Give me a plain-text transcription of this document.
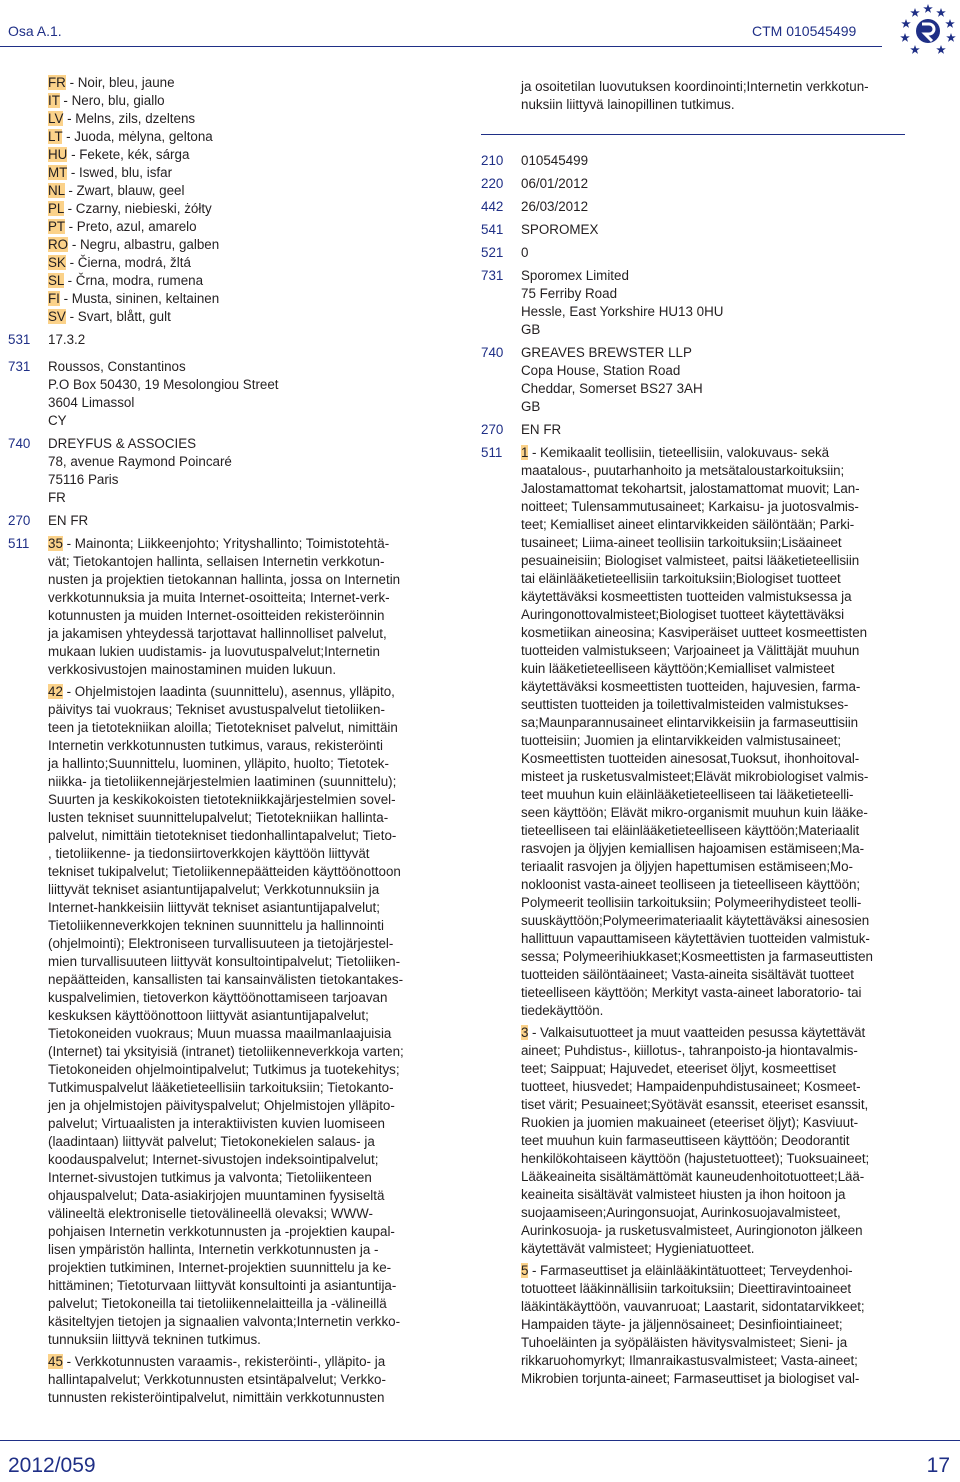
Osa A.1.	CTM 010545499
FR - Noir, bleu, jaune
IT - Nero, blu, giallo
LV - Melns, zils, dzeltens
LT - Juoda, mėlyna, geltona
HU - Fekete, kék, sárga
MT - Iswed, blu, isfar
NL - Zwart, blauw, geel
PL - Czarny, niebieski, żółty
PT - Preto, azul, amarelo
RO - Negru, albastru, galben
SK - Čierna, modrá, žltá
SL - Črna, modra, rumena
FI - Musta, sininen, keltainen
SV - Svart, blått, gult
531	17.3.2
731	Roussos, Constantinos
P.O Box 50430, 19 Mesolongiou Street
3604 Limassol
CY
740	DREYFUS & ASSOCIES
78, avenue Raymond Poincaré
75116 Paris
FR
270	EN FR
511	35 - Mainonta; Liikkeenjohto; Yrityshallinto; Toimistotehtä-
vät; Tietokantojen hallinta, sellaisen Internetin verkkotun-
nusten ja projektien tietokannan hallinta, jossa on Internetin
verkkotunnuksia ja muita Internet-osoitteita; Internet-verk-
kotunnusten ja muiden Internet-osoitteiden rekisteröinnin
ja jakamisen yhteydessä tarjottavat hallinnolliset palvelut,
mukaan lukien uudistamis- ja luovutuspalvelut;Internetin
verkkosivustojen mainostaminen muiden lukuun.
42 - Ohjelmistojen laadinta (suunnittelu), asennus, ylläpito,
päivitys tai vuokraus; Tekniset avustuspalvelut tietoliiken-
teen ja tietotekniikan aloilla; Tietotekniset palvelut, nimittäin
Internetin verkkotunnusten tutkimus, varaus, rekisteröinti
ja hallinto;Suunnittelu, luominen, ylläpito, huolto; Tietotek-
niikka- ja tietoliikennejärjestelmien laatiminen (suunnittelu);
Suurten ja keskikokoisten tietotekniikkajärjestelmien sovel-
lusten tekniset suunnittelupalvelut; Tietotekniikan hallinta-
palvelut, nimittäin tietotekniset tiedonhallintapalvelut; Tieto-
, tietoliikenne- ja tiedonsiirtoverkkojen käyttöön liittyvät
tekniset tukipalvelut; Tietoliikennepäätteiden käyttöönottoon
liittyvät tekniset asiantuntijapalvelut; Verkkotunnuksiin ja
Internet-hankkeisiin liittyvät tekniset asiantuntijapalvelut;
Tietoliikenneverkkojen tekninen suunnittelu ja hallinnointi
(ohjelmointi); Elektroniseen turvallisuuteen ja tietojärjestel-
mien turvallisuuteen liittyvät konsultointipalvelut; Tietoliiken-
nepäätteiden, kansallisten tai kansainvälisten tietokantakes-
kuspalvelimien, tietoverkon käyttöönottamiseen tarjoavan
keskuksen käyttöönottoon liittyvät asiantuntijapalvelut;
Tietokoneiden vuokraus; Muun muassa maailmanlaajuisia
(Internet) tai yksityisiä (intranet) tietoliikenneverkkoja varten;
Tietokoneiden ohjelmointipalvelut; Tutkimus ja tuotekehitys;
Tutkimuspalvelut lääketieteellisiin tarkoituksiin; Tietokanto-
jen ja ohjelmistojen päivityspalvelut; Ohjelmistojen ylläpito-
palvelut; Virtuaalisten ja interaktiivisten kuvien luomiseen
(laadintaan) liittyvät palvelut; Tietokonekielen salaus- ja
koodauspalvelut; Internet-sivustojen indeksointipalvelut;
Internet-sivustojen tutkimus ja valvonta; Tietoliikenteen
ohjauspalvelut; Data-asiakirjojen muuntaminen fyysiseltä
välineeltä elektroniselle tietovälineellä olevaksi; WWW-
pohjaisen Internetin verkkotunnusten ja -projektien kaupal-
lisen ympäristön hallinta, Internetin verkkotunnusten ja -
projektien tutkiminen, Internet-projektien suunnittelu ja ke-
hittäminen; Tietoturvaan liittyvät konsultointi ja asiantuntija-
palvelut; Tietokoneilla tai tietoliikennelaitteilla ja -välineillä
käsiteltyjen tietojen ja signaalien valvonta;Internetin verkko-
tunnuksiin liittyvä tekninen tutkimus.
45 - Verkkotunnusten varaamis-, rekisteröinti-, ylläpito- ja
hallintapalvelut; Verkkotunnusten etsintäpalvelut; Verkko-
tunnusten rekisteröintipalvelut, nimittäin verkkotunnusten
ja osoitetilan luovutuksen koordinointi;Internetin verkkotun-
nuksiin liittyvä lainopillinen tutkimus.
210	010545499
220	06/01/2012
442	26/03/2012
541	SPOROMEX
521	0
731	Sporomex Limited
75 Ferriby Road
Hessle, East Yorkshire HU13 0HU
GB
740	GREAVES BREWSTER LLP
Copa House, Station Road
Cheddar, Somerset BS27 3AH
GB
270	EN FR
511	1 - Kemikaalit teollisiin, tieteellisiin, valokuvaus- sekä
maatalous-, puutarhanhoito ja metsätaloustarkoituksiin;
Jalostamattomat tekohartsit, jalostamattomat muovit; Lan-
noitteet; Tulensammutusaineet; Karkaisu- ja juotosvalmis-
teet; Kemialliset aineet elintarvikkeiden säilöntään; Parki-
tusaineet; Liima-aineet teollisiin tarkoituksiin;Lisäaineet
pesuaineisiin; Biologiset valmisteet, paitsi lääketieteellisiin
tai eläinlääketieteellisiin tarkoituksiin;Biologiset tuotteet
käytettäväksi kosmeettisten tuotteiden valmistuksessa ja
Auringonottovalmisteet;Biologiset tuotteet käytettäväksi
kosmetiikan aineosina; Kasviperäiset uutteet kosmeettisten
tuotteiden valmistukseen; Varjoaineet ja Välittäjät muuhun
kuin lääketieteelliseen käyttöön;Kemialliset valmisteet
käytettäväksi kosmeettisten tuotteiden, hajuvesien, farma-
seuttisten tuotteiden ja toilettivalmisteiden valmistukses-
sa;Maunparannusaineet elintarvikkeisiin ja farmaseuttisiin
tuotteisiin; Juomien ja elintarvikkeiden valmistusaineet;
Kosmeettisten tuotteiden ainesosat,Tuoksut, ihonhoitoval-
misteet ja rusketusvalmisteet;Elävät mikrobiologiset valmis-
teet muuhun kuin eläinlääketieteelliseen tai lääketieteelli-
seen käyttöön; Elävät mikro-organismit muuhun kuin lääke-
tieteelliseen tai eläinlääketieteelliseen käyttöön;Materiaalit
rasvojen ja öljyjen kemiallisen hajoamisen estämiseen;Ma-
teriaalit rasvojen ja öljyjen hapettumisen estämiseen;Mo-
nokloonist vasta-aineet teolliseen ja tieteelliseen käyttöön;
Polymeerit teollisiin tarkoituksiin; Polymeerihydisteet teolli-
suuskäyttöön;Polymeerimateriaalit käytettäväksi ainesosien
hallittuun vapauttamiseen käytettävien tuotteiden valmistuk-
sessa; Polymeerihiukkaset;Kosmeettisten ja farmaseuttisten
tuotteiden säilöntäaineet; Vasta-aineita sisältävät tuotteet
tieteelliseen käyttöön; Merkityt vasta-aineet laboratorio- tai
tiedekäyttöön.
3 - Valkaisutuotteet ja muut vaatteiden pesussa käytettävät
aineet; Puhdistus-, kiillotus-, tahranpoisto-ja hiontavalmis-
teet; Saippuat; Hajuvedet, eteeriset öljyt, kosmeettiset
tuotteet, hiusvedet; Hampaidenpuhdistusaineet; Kosmeet-
tiset värit; Pesuaineet;Syötävät esanssit, eteeriset esanssit,
Ruokien ja juomien makuaineet (eteeriset öljyt); Kasviuut-
teet muuhun kuin farmaseuttiseen käyttöön; Deodorantit
henkilökohtaiseen käyttöön (hajustetuotteet); Tuoksuaineet;
Lääkeaineita sisältämättömät kauneudenhoitotuotteet;Lää-
keaineita sisältävät valmisteet hiusten ja ihon hoitoon ja
suojaamiseen;Auringonsuojat, Aurinkosuojavalmisteet,
Aurinkosuoja- ja rusketusvalmisteet, Auringionoton jälkeen
käytettävät valmisteet; Hygieniatuotteet.
5 - Farmaseuttiset ja eläinlääkintätuotteet; Terveydenhoi-
totuotteet lääkinnällisiin tarkoituksiin; Dieettiravintoaineet
lääkintäkäyttöön, vauvanruoat; Laastarit, sidontatarvikkeet;
Hampaiden täyte- ja jäljennösaineet; Desinfiointiaineet;
Tuhoeläinten ja syöpäläisten hävitysvalmisteet; Sieni- ja
rikkaruohomyrkyt; Ilmanraikastusvalmisteet; Vasta-aineet;
Mikrobien torjunta-aineet; Farmaseuttiset ja biologiset val-
2012/059	17
